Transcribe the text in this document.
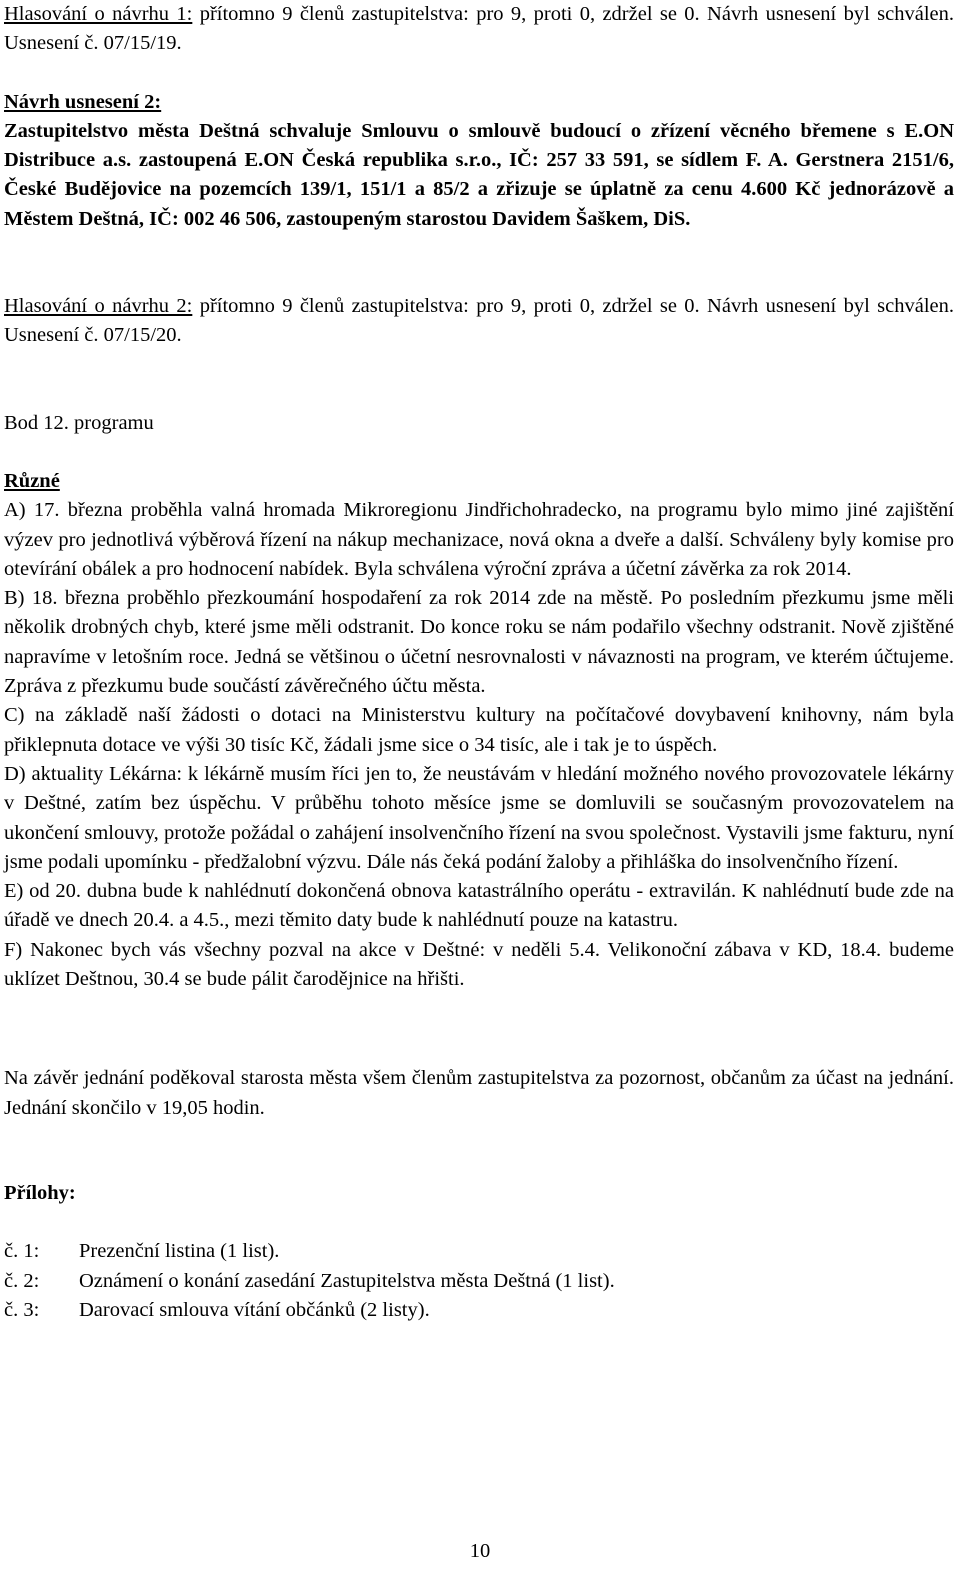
Hlasování o návrhu 1: přítomno 9 členů zastupitelstva: pro 9, proti 0, zdržel se 0. Návrh usnesení byl schválen. Usnesení č. 07/15/19.

Návrh usnesení 2:

Zastupitelstvo města Deštná schvaluje Smlouvu o smlouvě budoucí o zřízení věcného břemene s E.ON Distribuce a.s. zastoupená E.ON Česká republika s.r.o., IČ: 257 33 591, se sídlem F. A. Gerstnera 2151/6, České Budějovice na pozemcích 139/1, 151/1 a 85/2 a zřizuje se úplatně za cenu 4.600 Kč jednorázově a Městem Deštná, IČ: 002 46 506, zastoupeným starostou Davidem Šaškem, DiS.

Hlasování o návrhu 2: přítomno 9 členů zastupitelstva: pro 9, proti 0, zdržel se 0. Návrh usnesení byl schválen. Usnesení č. 07/15/20.

Bod 12. programu

Různé

A) 17. března proběhla valná hromada Mikroregionu Jindřichohradecko, na programu bylo mimo jiné zajištění výzev pro jednotlivá výběrová řízení na nákup mechanizace, nová okna a dveře a další. Schváleny byly komise pro otevírání obálek a pro hodnocení nabídek. Byla schválena výroční zpráva a účetní závěrka za rok 2014.

B) 18. března proběhlo přezkoumání hospodaření za rok 2014 zde na městě. Po posledním přezkumu jsme měli několik drobných chyb, které jsme měli odstranit. Do konce roku se nám podařilo všechny odstranit. Nově zjištěné napravíme v letošním roce. Jedná se většinou o účetní nesrovnalosti v návaznosti na program, ve kterém účtujeme. Zpráva z přezkumu bude součástí závěrečného účtu města.

C) na základě naší žádosti o dotaci na Ministerstvu kultury na počítačové dovybavení knihovny, nám byla přiklepnuta dotace ve výši 30 tisíc Kč, žádali jsme sice o 34 tisíc, ale i tak je to úspěch.

D) aktuality Lékárna: k lékárně musím říci jen to, že neustávám v hledání možného nového provozovatele lékárny v Deštné, zatím bez úspěchu. V průběhu tohoto měsíce jsme se domluvili se současným provozovatelem na ukončení smlouvy, protože požádal o zahájení insolvenčního řízení na svou společnost. Vystavili jsme fakturu, nyní jsme podali upomínku - předžalobní výzvu. Dále nás čeká podání žaloby a přihláška do insolvenčního řízení.

E) od 20. dubna bude k nahlédnutí dokončená obnova katastrálního operátu - extravilán. K nahlédnutí bude zde na úřadě ve dnech 20.4. a 4.5., mezi těmito daty bude k nahlédnutí pouze na katastru.

F) Nakonec bych vás všechny pozval na akce v Deštné: v neděli 5.4. Velikonoční zábava v KD, 18.4. budeme uklízet Deštnou, 30.4 se bude pálit čarodějnice na hřišti.

Na závěr jednání poděkoval starosta města všem členům zastupitelstva za pozornost, občanům za účast na jednání. Jednání skončilo v 19,05 hodin.

Přílohy:

č. 1:	Prezenční listina (1 list).
č. 2:	Oznámení o konání zasedání Zastupitelstva města Deštná (1 list).
č. 3:	Darovací smlouva vítání občánků (2 listy).
10
